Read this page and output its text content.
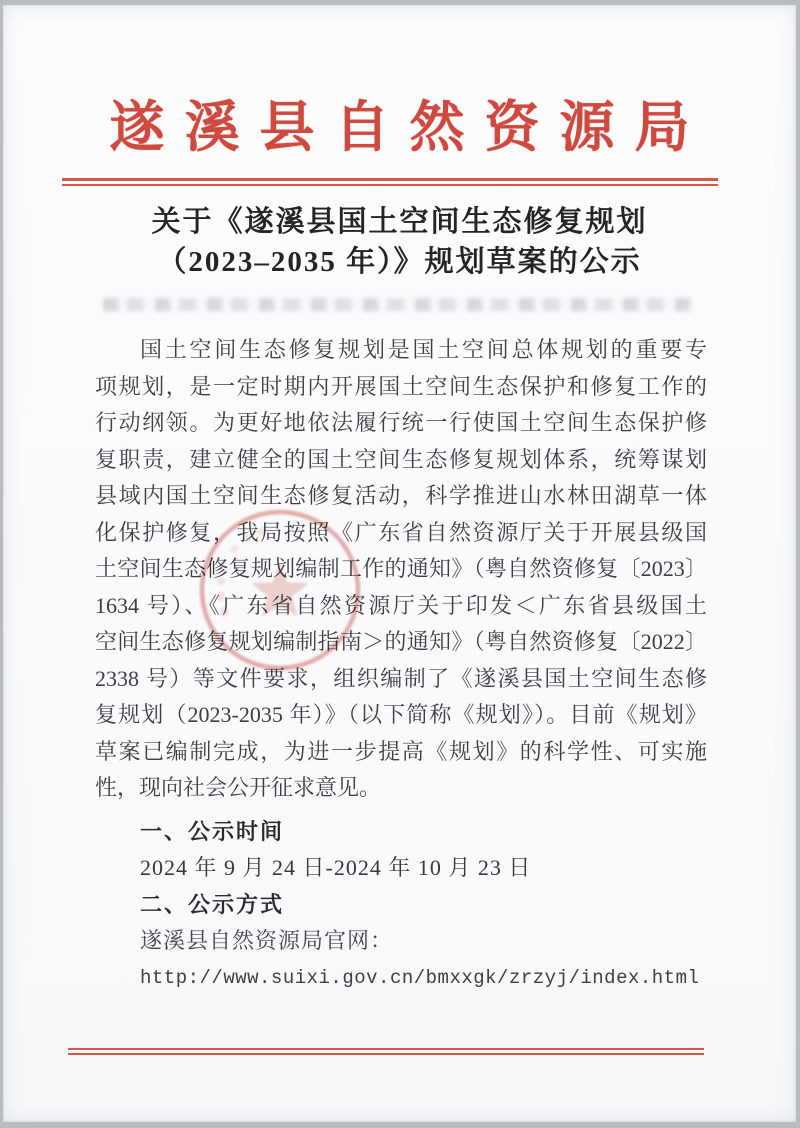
遂溪县自然资源局
关于《遂溪县国土空间生态修复规划
（2023–2035 年）》规划草案的公示
国土空间生态修复规划是国土空间总体规划的重要专
项规划，是一定时期内开展国土空间生态保护和修复工作的
行动纲领。为更好地依法履行统一行使国土空间生态保护修
复职责，建立健全的国土空间生态修复规划体系，统筹谋划
县域内国土空间生态修复活动，科学推进山水林田湖草一体
化保护修复，我局按照《广东省自然资源厅关于开展县级国
土空间生态修复规划编制工作的通知》（粤自然资修复〔2023〕
1634 号）、《广东省自然资源厅关于印发＜广东省县级国土
空间生态修复规划编制指南＞的通知》（粤自然资修复〔2022〕
2338 号）等文件要求，组织编制了《遂溪县国土空间生态修
复规划（2023-2035 年）》（以下简称《规划》）。目前《规划》
草案已编制完成，为进一步提高《规划》的科学性、可实施
性，现向社会公开征求意见。
一、公示时间
2024 年 9 月 24 日-2024 年 10 月 23 日
二、公示方式
遂溪县自然资源局官网：
http://www.suixi.gov.cn/bmxxgk/zrzyj/index.html
